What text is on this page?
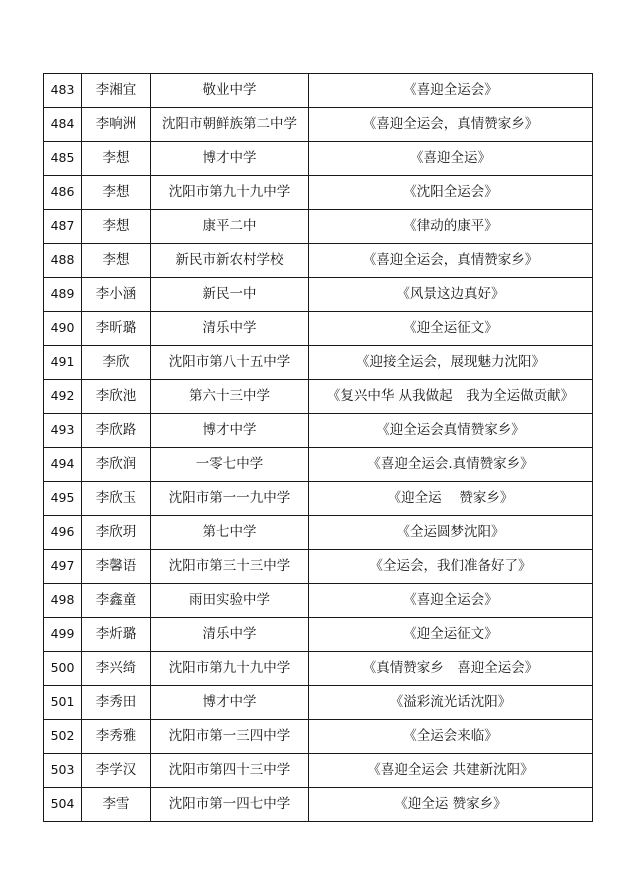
483	李湘宜	敬业中学	《喜迎全运会》
484	李响洲	沈阳市朝鲜族第二中学	《喜迎全运会，真情赞家乡》
485	李想	博才中学	《喜迎全运》
486	李想	沈阳市第九十九中学	《沈阳全运会》
487	李想	康平二中	《律动的康平》
488	李想	新民市新农村学校	《喜迎全运会，真情赞家乡》
489	李小涵	新民一中	《风景这边真好》
490	李昕璐	清乐中学	《迎全运征文》
491	李欣	沈阳市第八十五中学	《迎接全运会，展现魅力沈阳》
492	李欣池	第六十三中学	《复兴中华 从我做起　我为全运做贡献》
493	李欣路	博才中学	《迎全运会真情赞家乡》
494	李欣润	一零七中学	《喜迎全运会.真情赞家乡》
495	李欣玉	沈阳市第一一九中学	《迎全运　 赞家乡》
496	李欣玥	第七中学	《全运圆梦沈阳》
497	李馨语	沈阳市第三十三中学	《全运会，我们准备好了》
498	李鑫童	雨田实验中学	《喜迎全运会》
499	李炘璐	清乐中学	《迎全运征文》
500	李兴绮	沈阳市第九十九中学	《真情赞家乡　喜迎全运会》
501	李秀田	博才中学	《溢彩流光话沈阳》
502	李秀雅	沈阳市第一三四中学	《全运会来临》
503	李学汉	沈阳市第四十三中学	《喜迎全运会 共建新沈阳》
504	李雪	沈阳市第一四七中学	《迎全运 赞家乡》
